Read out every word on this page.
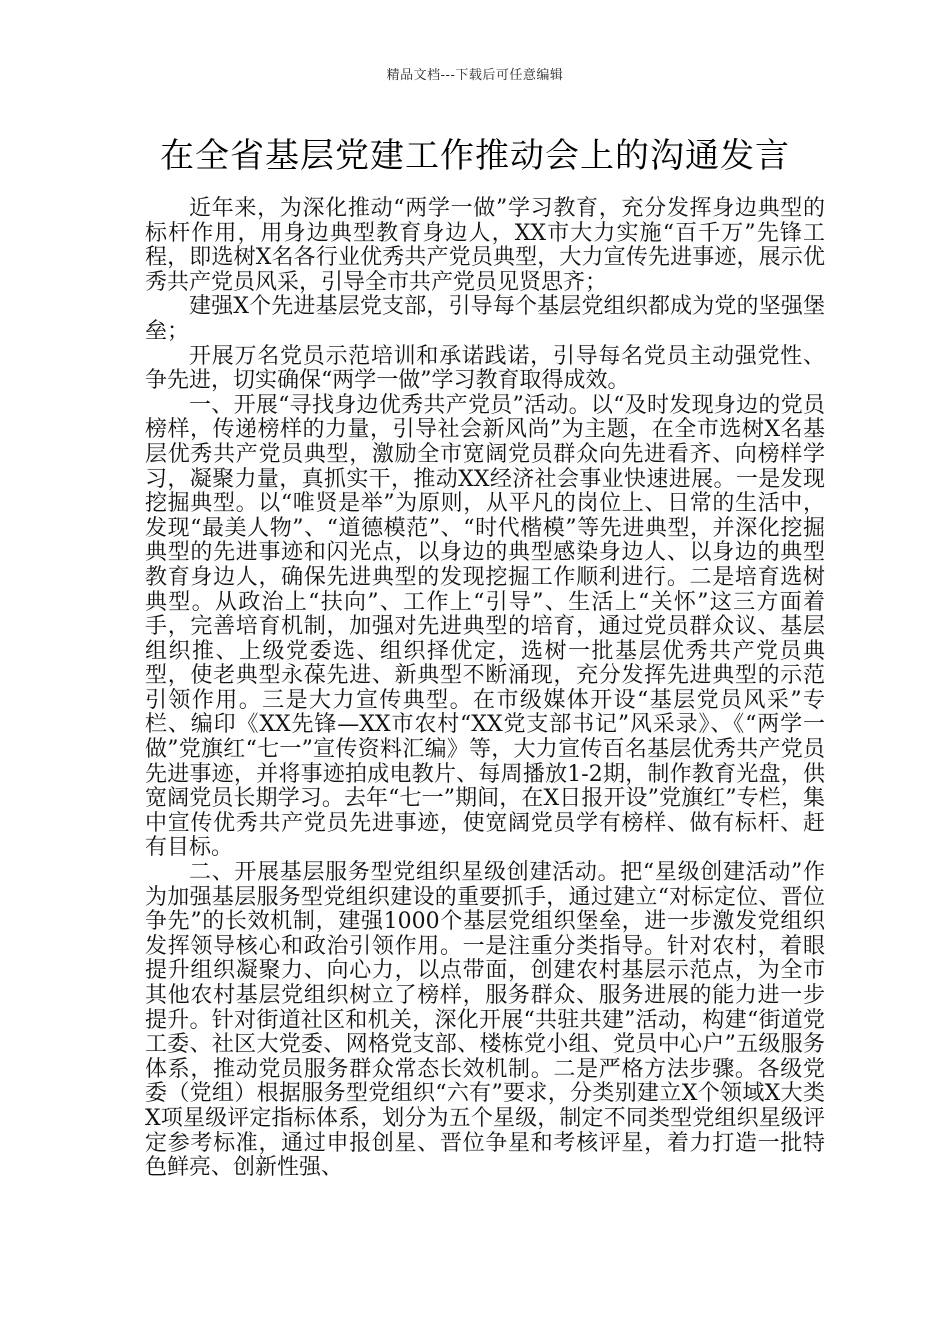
精品文档---下载后可任意编辑
在全省基层党建工作推动会上的沟通发言

近年来，为深化推动“两学一做”学习教育，充分发挥身边典型的标杆作用，用身边典型教育身边人，XX市大力实施“百千万”先锋工程，即选树X名各行业优秀共产党员典型，大力宣传先进事迹，展示优秀共产党员风采，引导全市共产党员见贤思齐；

建强X个先进基层党支部，引导每个基层党组织都成为党的坚强堡垒；

开展万名党员示范培训和承诺践诺，引导每名党员主动强党性、争先进，切实确保“两学一做”学习教育取得成效。

一、开展“寻找身边优秀共产党员”活动。以“及时发现身边的党员榜样，传递榜样的力量，引导社会新风尚”为主题，在全市选树X名基层优秀共产党员典型，激励全市宽阔党员群众向先进看齐、向榜样学习，凝聚力量，真抓实干，推动XX经济社会事业快速进展。一是发现挖掘典型。以“唯贤是举”为原则，从平凡的岗位上、日常的生活中，发现“最美人物”、“道德模范”、“时代楷模”等先进典型，并深化挖掘典型的先进事迹和闪光点，以身边的典型感染身边人、以身边的典型教育身边人，确保先进典型的发现挖掘工作顺利进行。二是培育选树典型。从政治上“扶向”、工作上“引导”、生活上“关怀”这三方面着手，完善培育机制，加强对先进典型的培育，通过党员群众议、基层组织推、上级党委选、组织择优定，选树一批基层优秀共产党员典型，使老典型永葆先进、新典型不断涌现，充分发挥先进典型的示范引领作用。三是大力宣传典型。在市级媒体开设“基层党员风采”专栏、编印《XX先锋—XX市农村“XX党支部书记”风采录》、《“两学一做”党旗红“七一”宣传资料汇编》等，大力宣传百名基层优秀共产党员先进事迹，并将事迹拍成电教片、每周播放1-2期，制作教育光盘，供宽阔党员长期学习。去年“七一”期间，在X日报开设”党旗红”专栏，集中宣传优秀共产党员先进事迹，使宽阔党员学有榜样、做有标杆、赶有目标。

二、开展基层服务型党组织星级创建活动。把“星级创建活动”作为加强基层服务型党组织建设的重要抓手，通过建立“对标定位、晋位争先”的长效机制，建强1000个基层党组织堡垒，进一步激发党组织发挥领导核心和政治引领作用。一是注重分类指导。针对农村，着眼提升组织凝聚力、向心力，以点带面，创建农村基层示范点，为全市其他农村基层党组织树立了榜样，服务群众、服务进展的能力进一步提升。针对街道社区和机关，深化开展“共驻共建”活动，构建“街道党工委、社区大党委、网格党支部、楼栋党小组、党员中心户”五级服务体系，推动党员服务群众常态长效机制。二是严格方法步骤。各级党委（党组）根据服务型党组织“六有”要求，分类别建立X个领域X大类X项星级评定指标体系，划分为五个星级，制定不同类型党组织星级评定参考标准，通过申报创星、晋位争星和考核评星，着力打造一批特色鲜亮、创新性强、
